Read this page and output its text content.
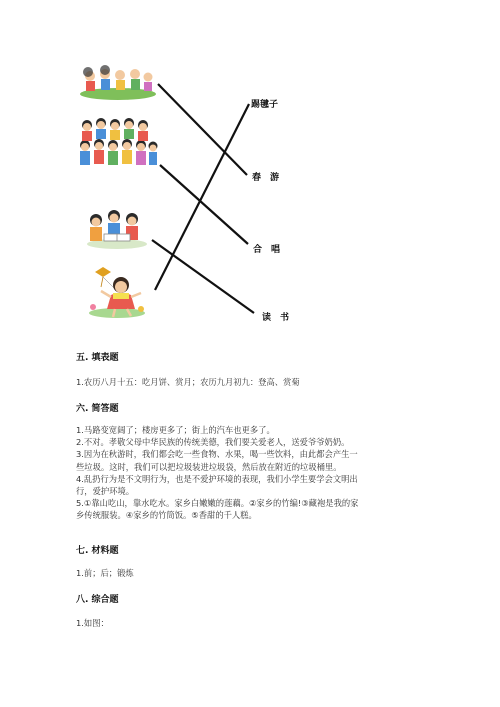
踢毽子
春　游
合　唱
读　书
五. 填表题
1.农历八月十五：吃月饼、赏月；农历九月初九：登高、赏菊
六. 简答题
1.马路变宽阔了；楼房更多了；街上的汽车也更多了。
2.不对。孝敬父母中华民族的传统美德，我们要关爱老人，送爱爷爷奶奶。
3.因为在秋游时，我们都会吃一些食物、水果，喝一些饮料，由此都会产生一
些垃圾。这时，我们可以把垃圾装进垃圾袋，然后放在附近的垃圾桶里。
4.乱扔行为是不文明行为，也是不爱护环境的表现，我们小学生要学会文明出
行，爱护环境。
5.①靠山吃山，靠水吃水。家乡白嫩嫩的莲藕。②家乡的竹编!③藏袍是我的家
乡传统服装。④家乡的竹筒饭。⑤香甜的千人糕。
七. 材料题
1.前；后；锻炼
八. 综合题
1.如图：
